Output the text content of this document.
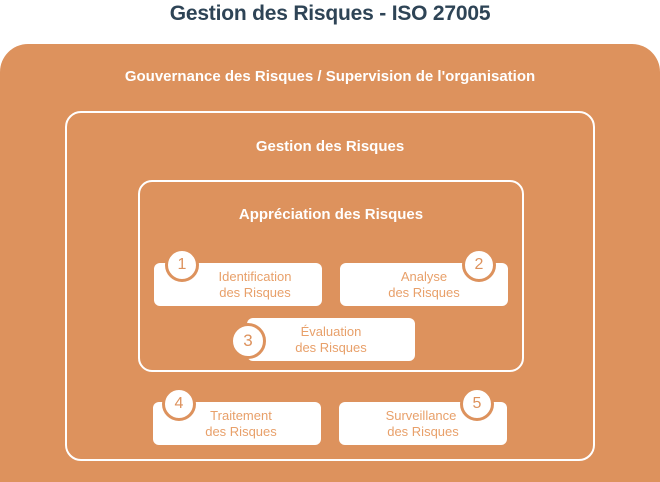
Gestion des Risques - ISO 27005
Gouvernance des Risques / Supervision de l'organisation
Gestion des Risques
Appréciation des Risques
Identification
des Risques
1
Analyse
des Risques
2
Évaluation
des Risques
3
Traitement
des Risques
4
Surveillance
des Risques
5
